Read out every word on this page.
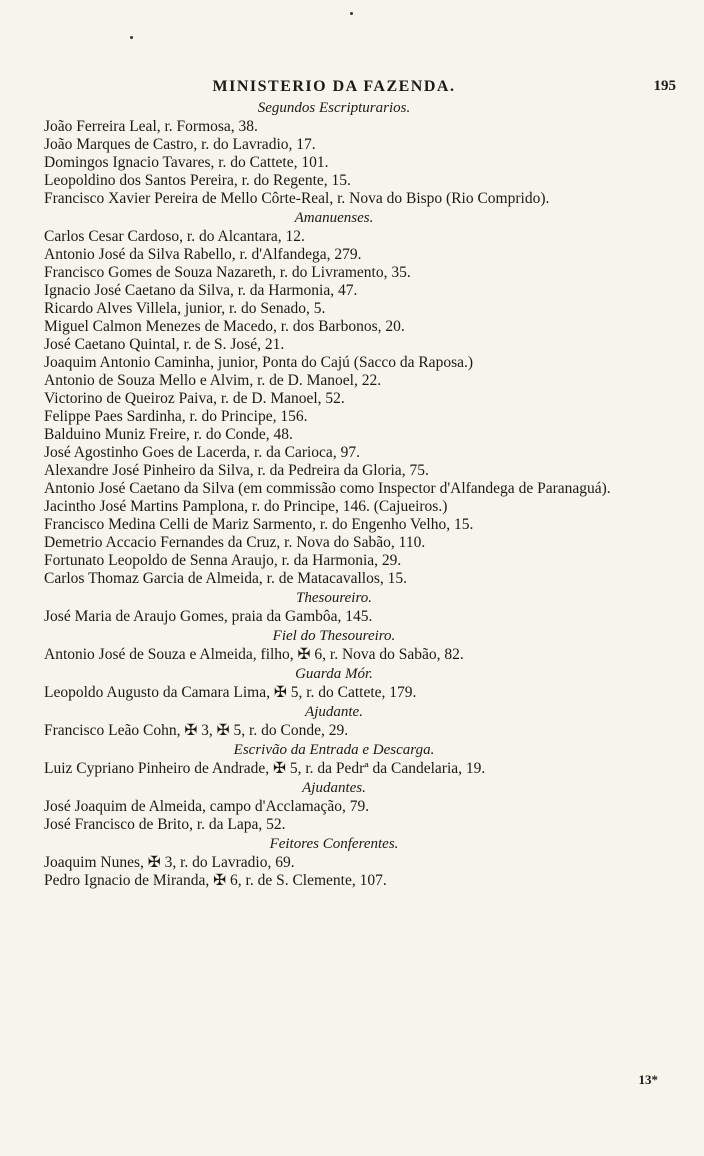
MINISTERIO DA FAZENDA.	195

Segundos Escripturarios.

João Ferreira Leal, r. Formosa, 38.

João Marques de Castro, r. do Lavradio, 17.

Domingos Ignacio Tavares, r. do Cattete, 101.

Leopoldino dos Santos Pereira, r. do Regente, 15.

Francisco Xavier Pereira de Mello Côrte-Real, r. Nova do Bispo (Rio Comprido).

Amanuenses.

Carlos Cesar Cardoso, r. do Alcantara, 12.

Antonio José da Silva Rabello, r. d'Alfandega, 279.

Francisco Gomes de Souza Nazareth, r. do Livramento, 35.

Ignacio José Caetano da Silva, r. da Harmonia, 47.

Ricardo Alves Villela, junior, r. do Senado, 5.

Miguel Calmon Menezes de Macedo, r. dos Barbonos, 20.

José Caetano Quintal, r. de S. José, 21.

Joaquim Antonio Caminha, junior, Ponta do Cajú (Sacco da Raposa.)

Antonio de Souza Mello e Alvim, r. de D. Manoel, 22.

Victorino de Queiroz Paiva, r. de D. Manoel, 52.

Felippe Paes Sardinha, r. do Principe, 156.

Balduino Muniz Freire, r. do Conde, 48.

José Agostinho Goes de Lacerda, r. da Carioca, 97.

Alexandre José Pinheiro da Silva, r. da Pedreira da Gloria, 75.

Antonio José Caetano da Silva (em commissão como Inspector d'Alfandega de Paranaguá).

Jacintho José Martins Pamplona, r. do Principe, 146. (Cajueiros.)

Francisco Medina Celli de Mariz Sarmento, r. do Engenho Velho, 15.

Demetrio Accacio Fernandes da Cruz, r. Nova do Sabão, 110.

Fortunato Leopoldo de Senna Araujo, r. da Harmonia, 29.

Carlos Thomaz Garcia de Almeida, r. de Matacavallos, 15.

Thesoureiro.

José Maria de Araujo Gomes, praia da Gambôa, 145.

Fiel do Thesoureiro.

Antonio José de Souza e Almeida, filho, ✠ 6, r. Nova do Sabão, 82.

Guarda Mór.

Leopoldo Augusto da Camara Lima, ✠ 5, r. do Cattete, 179.

Ajudante.

Francisco Leão Cohn, ✠ 3, ✠ 5, r. do Conde, 29.

Escrivão da Entrada e Descarga.

Luiz Cypriano Pinheiro de Andrade, ✠ 5, r. da Pedrª da Candelaria, 19.

Ajudantes.

José Joaquim de Almeida, campo d'Acclamação, 79.

José Francisco de Brito, r. da Lapa, 52.

Feitores Conferentes.

Joaquim Nunes, ✠ 3, r. do Lavradio, 69.

Pedro Ignacio de Miranda, ✠ 6, r. de S. Clemente, 107.

13*
